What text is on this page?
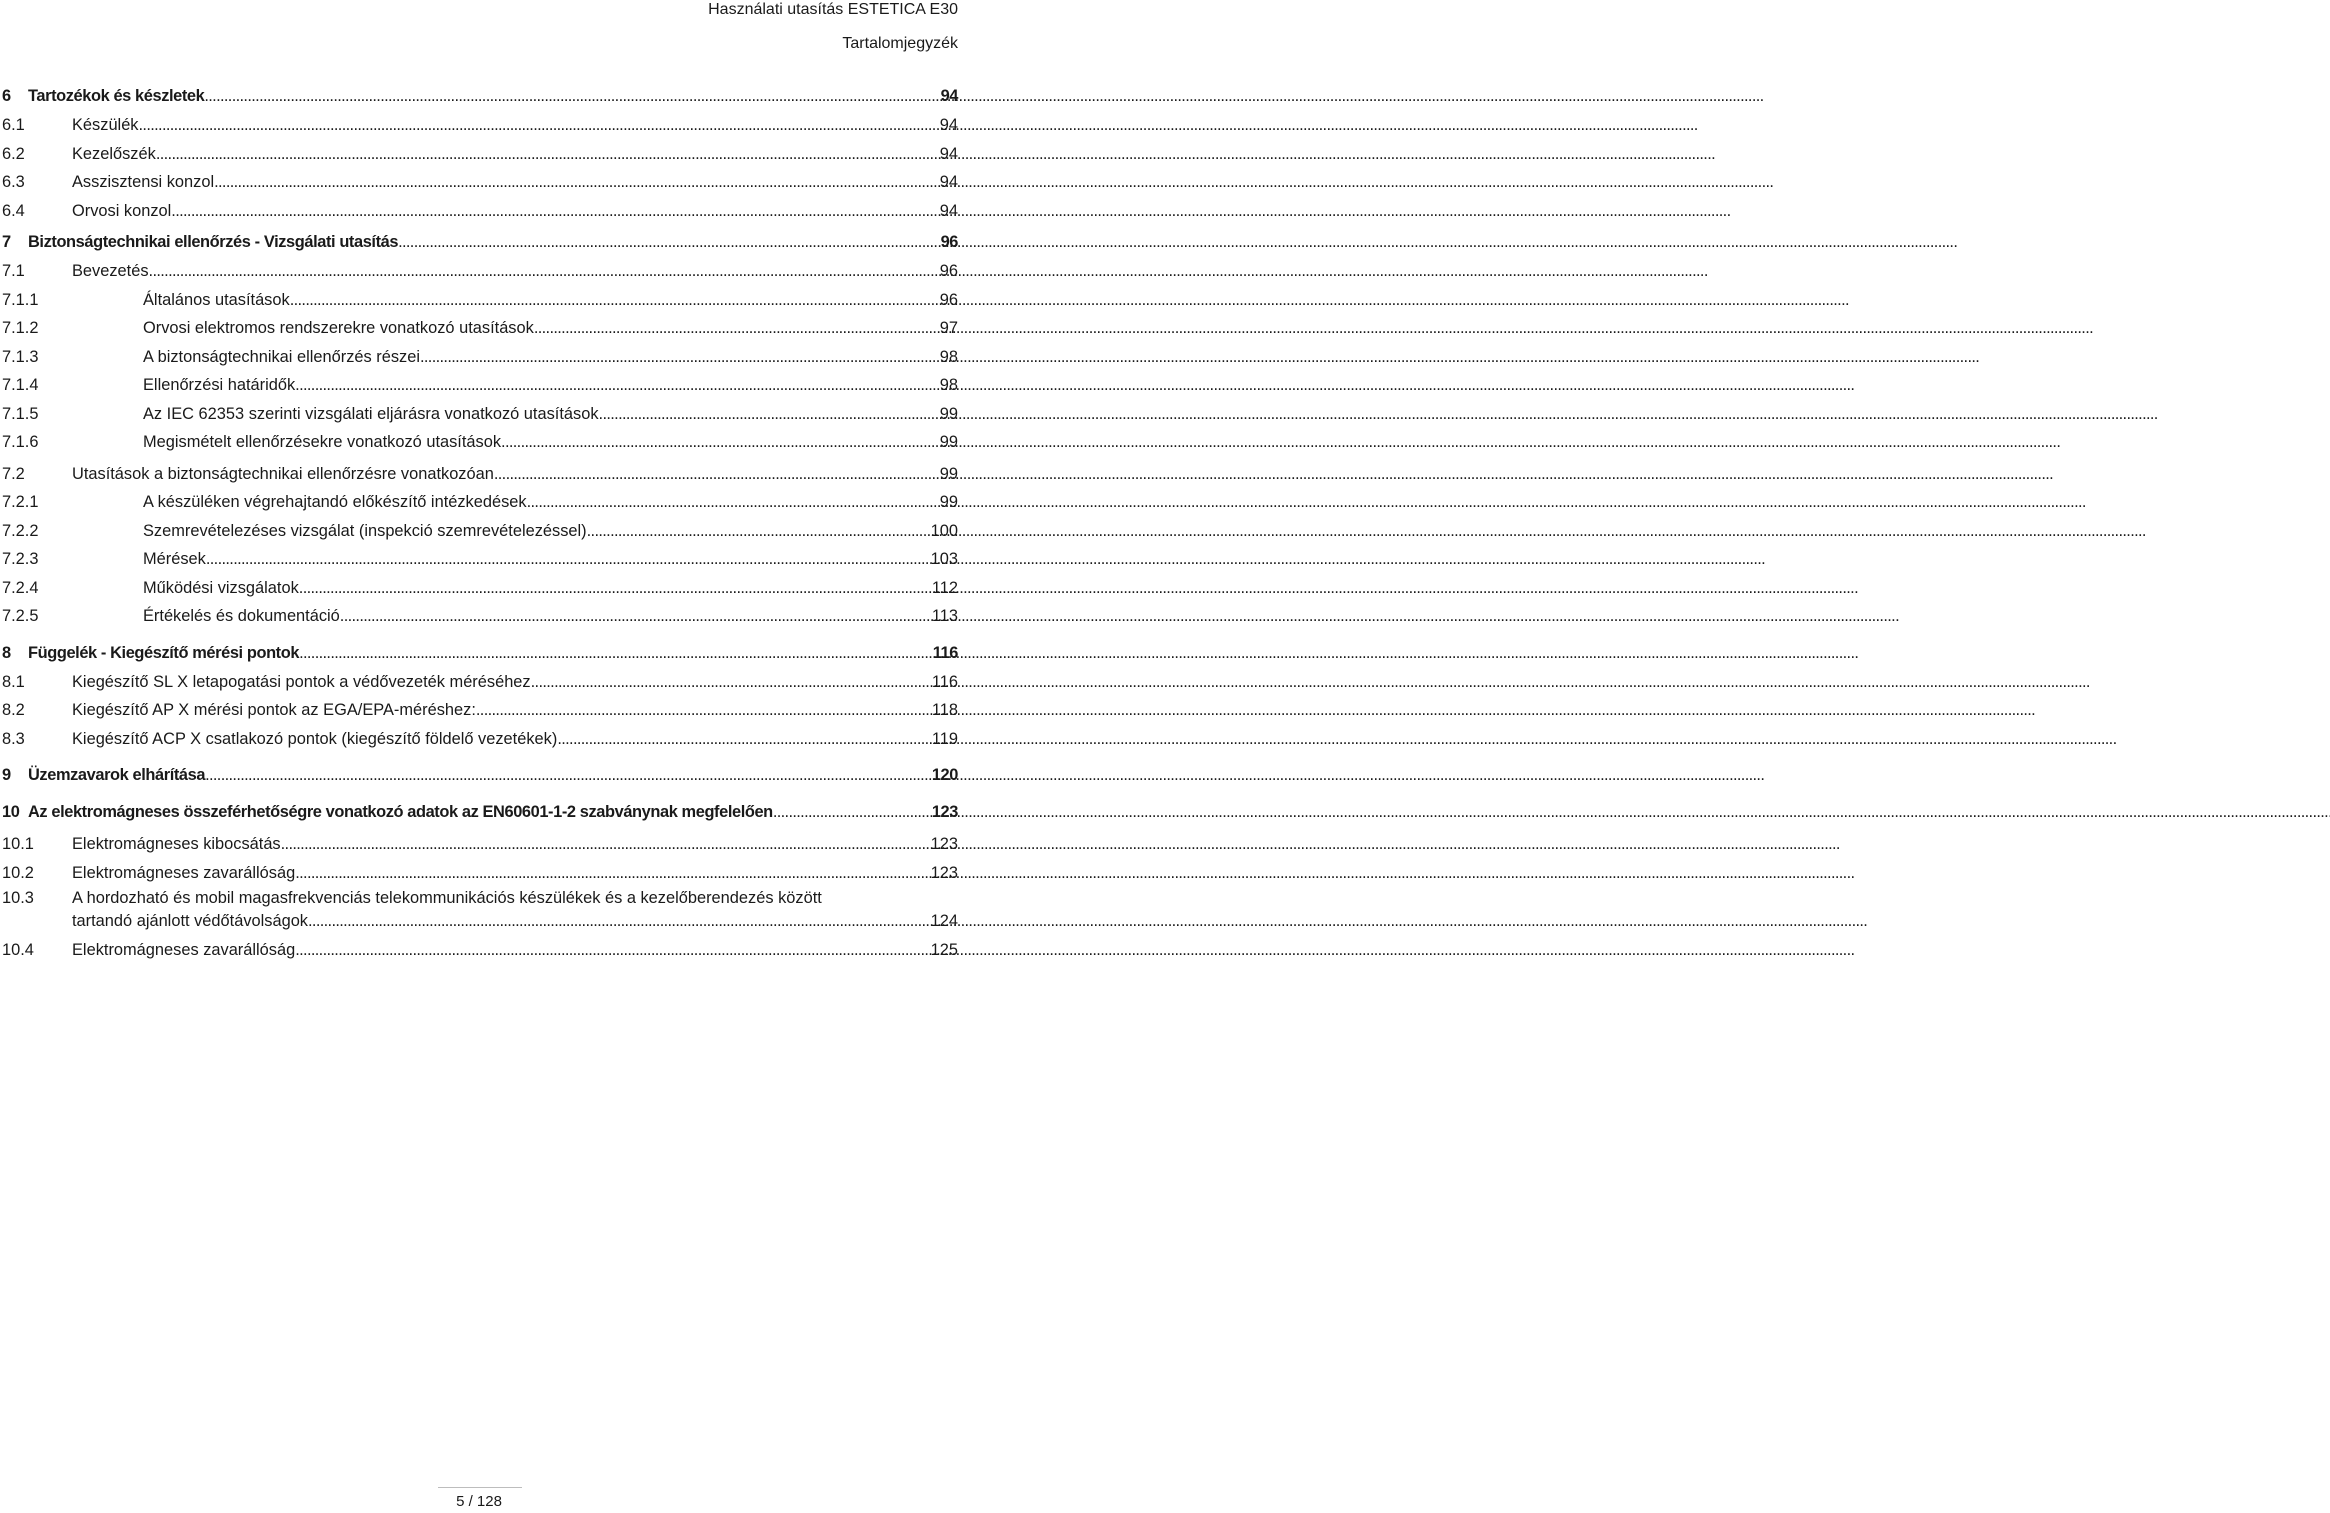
Használati utasítás ESTETICA E30
Tartalomjegyzék
6 Tartozékok és készletek . . .	94
6.1	Készülék . . .	94
6.2	Kezelőszék . . .	94
6.3	Asszisztensi konzol . . .	94
6.4	Orvosi konzol . . .	94
7 Biztonságtechnikai ellenőrzés - Vizsgálati utasítás . . .	96
7.1	Bevezetés . . .	96
7.1.1	Általános utasítások . . .	96
7.1.2	Orvosi elektromos rendszerekre vonatkozó utasítások . . .	97
7.1.3	A biztonságtechnikai ellenőrzés részei . . .	98
7.1.4	Ellenőrzési határidők . . .	98
7.1.5	Az IEC 62353 szerinti vizsgálati eljárásra vonatkozó utasítások . . .	99
7.1.6	Megismételt ellenőrzésekre vonatkozó utasítások . . .	99
7.2	Utasítások a biztonságtechnikai ellenőrzésre vonatkozóan . . .	99
7.2.1	A készüléken végrehajtandó előkészítő intézkedések . . .	99
7.2.2	Szemrevételezéses vizsgálat (inspekció szemrevételezéssel) . . .	100
7.2.3	Mérések . . .	103
7.2.4	Működési vizsgálatok . . .	112
7.2.5	Értékelés és dokumentáció . . .	113
8 Függelék - Kiegészítő mérési pontok . . .	116
8.1	Kiegészítő SL X letapogatási pontok a védővezeték méréséhez . . .	116
8.2	Kiegészítő AP X mérési pontok az EGA/EPA-méréshez: . . .	118
8.3	Kiegészítő ACP X csatlakozó pontok (kiegészítő földelő vezetékek) . . .	119
9 Üzemzavarok elhárítása . . .	120
10 Az elektromágneses összeférhetőségre vonatkozó adatok az EN60601-1-2 szabványnak megfelelően . . .	123
10.1 Elektromágneses kibocsátás . . .	123
10.2 Elektromágneses zavarállóság . . .	123
10.3 A hordozható és mobil magasfrekvenciás telekommunikációs készülékek és a kezelőberendezés között
tartandó ajánlott védőtávolságok . . .	124
10.4 Elektromágneses zavarállóság . . .	125
5 / 128
